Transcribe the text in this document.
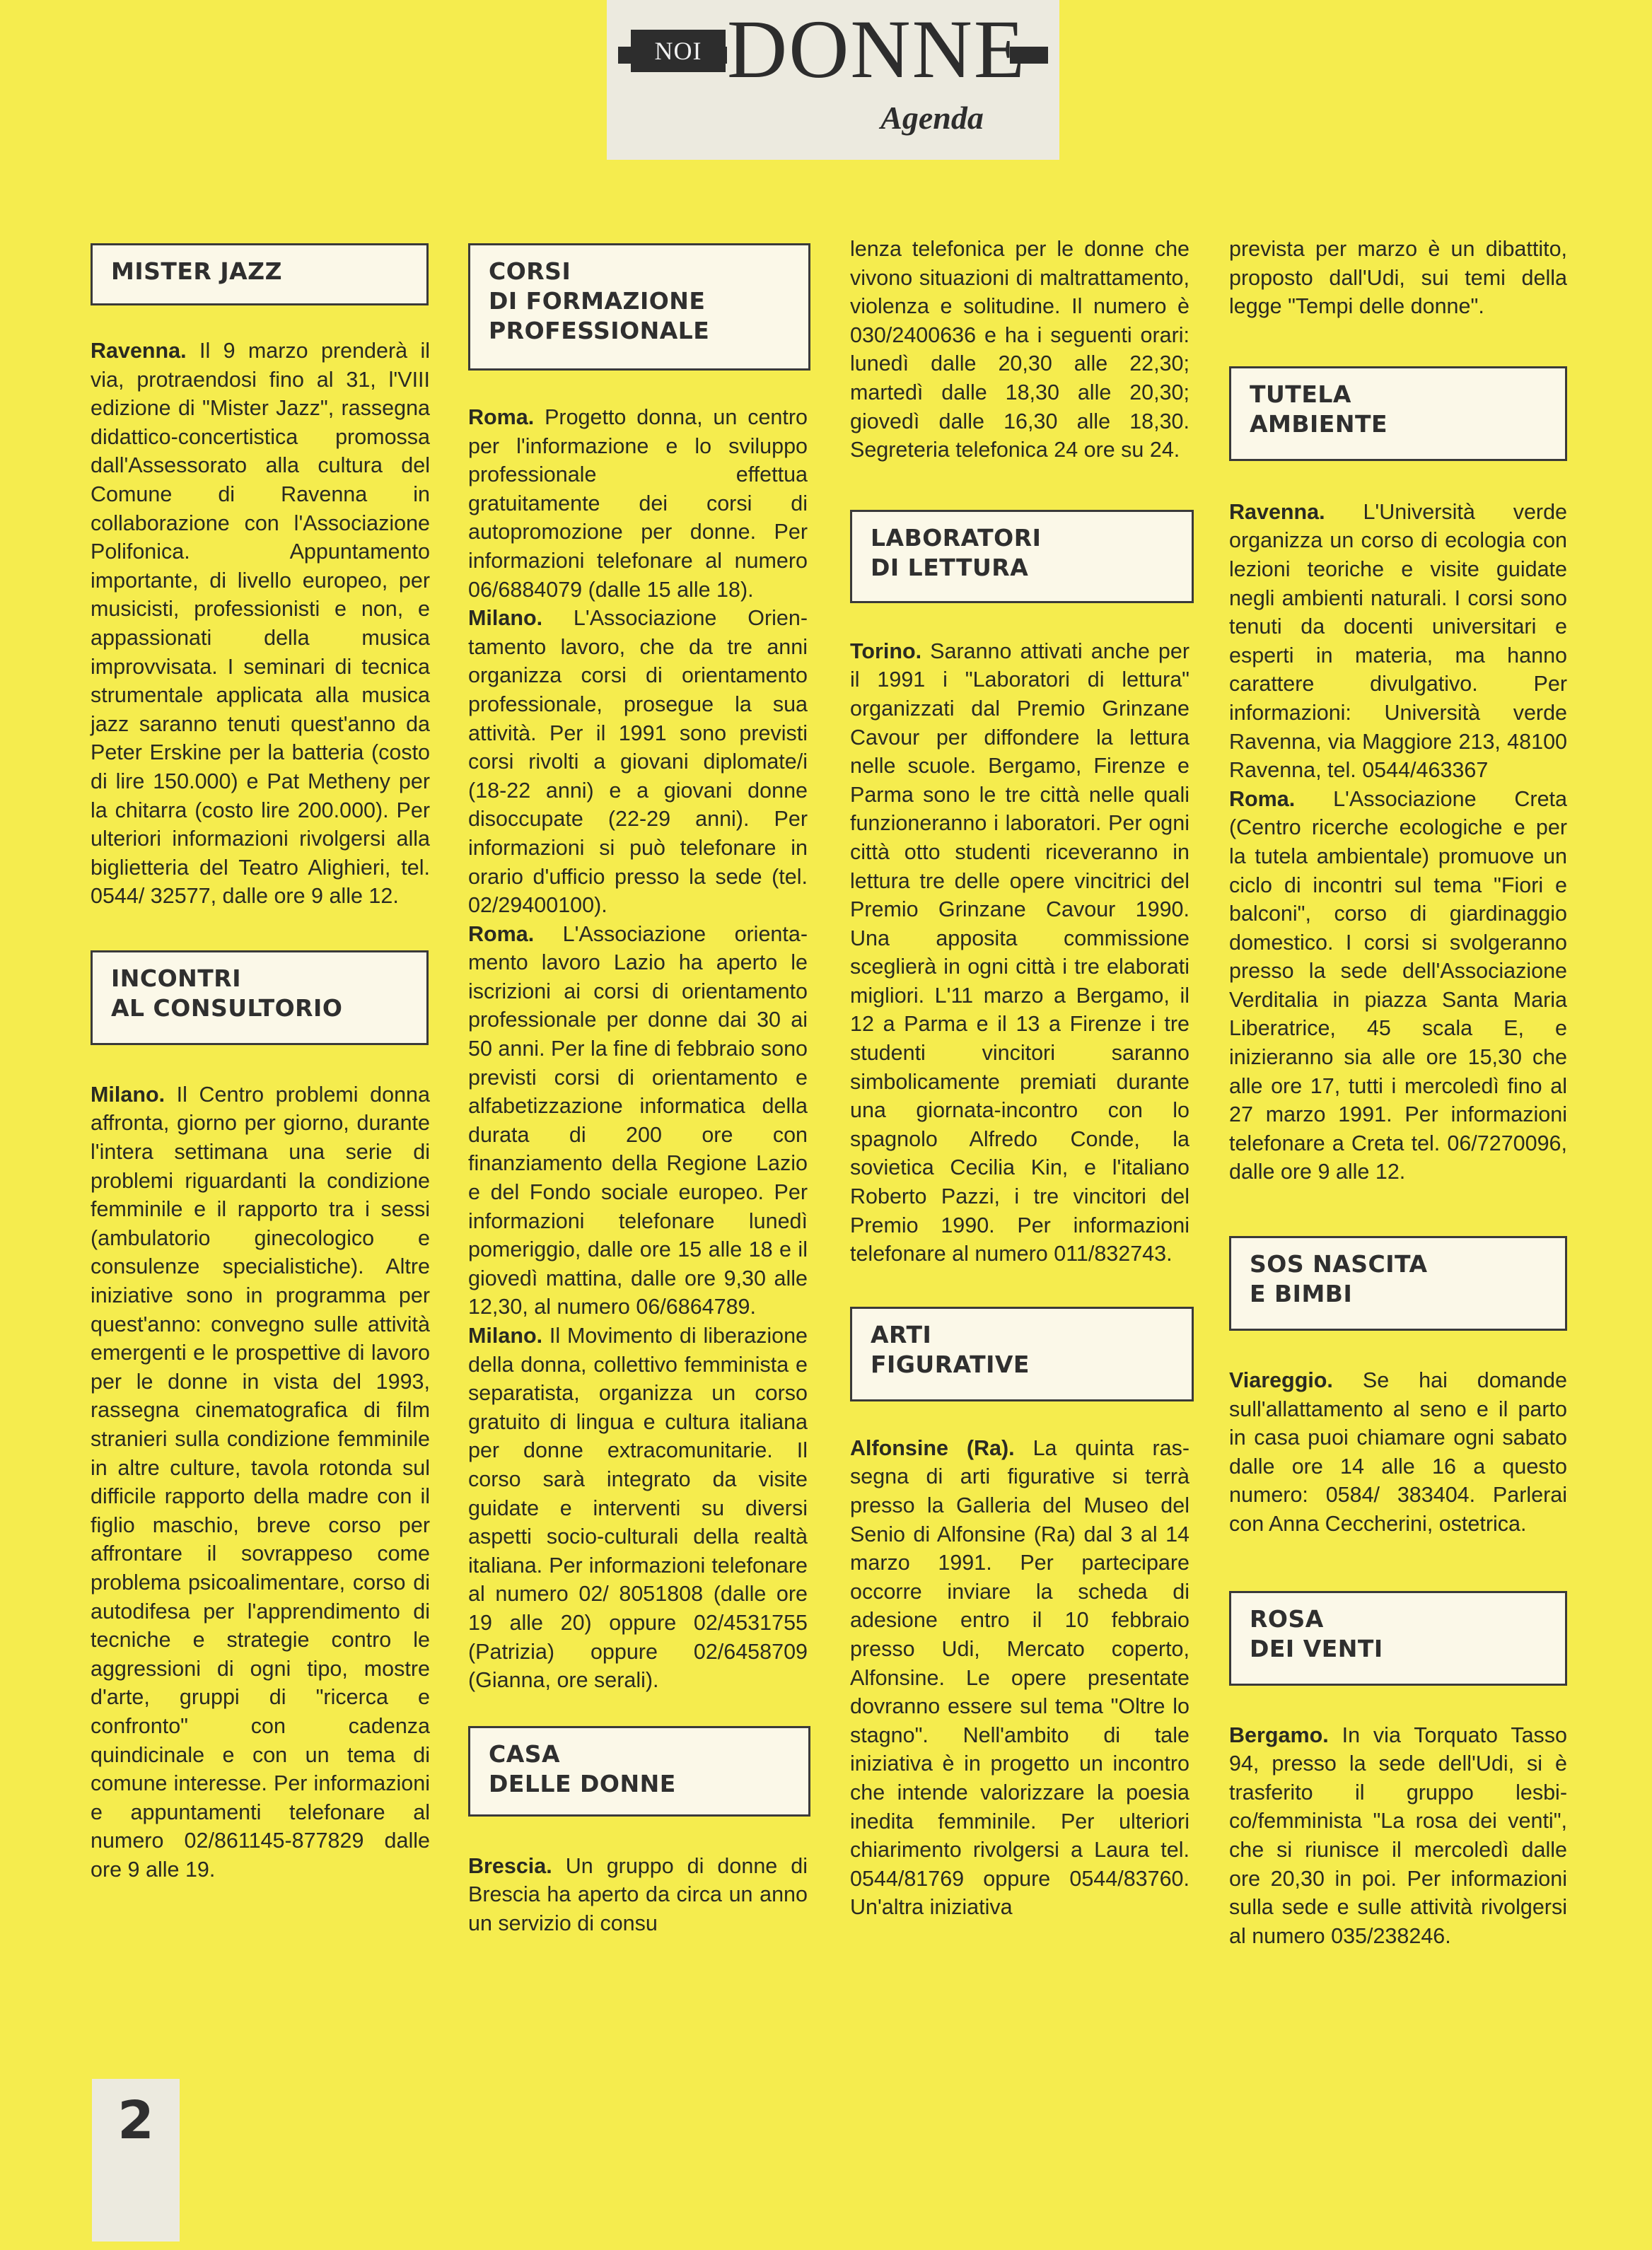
NOI DONNE
Agenda
MISTER JAZZ

Ravenna. Il 9 marzo prenderà il via, protraendosi fino al 31, l'VIII edizione di "Mister Jazz", rassegna didattico-concertistica promossa dall'Assessorato alla cultura del Comune di Ravenna in collaborazione con l'Associazione Polifonica. Appuntamento importante, di livello europeo, per musicisti, professionisti e non, e appassionati della musica improvvisata. I seminari di tecnica strumentale applicata alla musica jazz saranno tenuti quest'anno da Peter Erskine per la batteria (costo di lire 150.000) e Pat Metheny per la chitarra (costo lire 200.000). Per ulteriori informazioni rivolgersi alla biglietteria del Teatro Alighieri, tel. 0544/ 32577, dalle ore 9 alle 12.

INCONTRI
AL CONSULTORIO

Milano. Il Centro problemi donna affronta, giorno per giorno, durante l'intera settimana una serie di problemi riguardanti la condizione femminile e il rapporto tra i sessi (ambulatorio ginecologico e consulenze specialistiche). Altre iniziative sono in programma per quest'anno: convegno sulle attività emergenti e le prospettive di lavoro per le donne in vista del 1993, rassegna cinematografica di film stranieri sulla condizione femminile in altre culture, tavola rotonda sul difficile rapporto della madre con il figlio maschio, breve corso per affrontare il sovrappeso come problema psicoalimentare, corso di autodifesa per l'apprendimento di tecniche e strategie contro le aggressioni di ogni tipo, mostre d'arte, gruppi di "ricerca e confronto" con cadenza quindicinale e con un tema di comune interesse. Per informazioni e appuntamenti telefonare al numero 02/861145-877829 dalle ore 9 alle 19.

CORSI
DI FORMAZIONE
PROFESSIONALE

Roma. Progetto donna, un centro per l'informazione e lo sviluppo professionale effettua gratuitamente dei corsi di autopromozione per donne. Per informazioni telefonare al numero 06/6884079 (dalle 15 alle 18).

Milano. L'Associazione Orientamento lavoro, che da tre anni organizza corsi di orientamento professionale, prosegue la sua attività. Per il 1991 sono previsti corsi rivolti a giovani diplomate/i (18-22 anni) e a giovani donne disoccupate (22-29 anni). Per informazioni si può telefonare in orario d'ufficio presso la sede (tel. 02/29400100).

Roma. L'Associazione orientamento lavoro Lazio ha aperto le iscrizioni ai corsi di orientamento professionale per donne dai 30 ai 50 anni. Per la fine di febbraio sono previsti corsi di orientamento e alfabetizzazione informatica della durata di 200 ore con finanziamento della Regione Lazio e del Fondo sociale europeo. Per informazioni telefonare lunedì pomeriggio, dalle ore 15 alle 18 e il giovedì mattina, dalle ore 9,30 alle 12,30, al numero 06/6864789.

Milano. Il Movimento di liberazione della donna, collettivo femminista e separatista, organizza un corso gratuito di lingua e cultura italiana per donne extracomunitarie. Il corso sarà integrato da visite guidate e interventi su diversi aspetti socio-culturali della realtà italiana. Per informazioni telefonare al numero 02/ 8051808 (dalle ore 19 alle 20) oppure 02/4531755 (Patrizia) oppure 02/6458709 (Gianna, ore serali).

CASA
DELLE DONNE

Brescia. Un gruppo di donne di Brescia ha aperto da circa un anno un servizio di consu

lenza telefonica per le donne che vivono situazioni di maltrattamento, violenza e solitudine. Il numero è 030/2400636 e ha i seguenti orari: lunedì dalle 20,30 alle 22,30; martedì dalle 18,30 alle 20,30; giovedì dalle 16,30 alle 18,30. Segreteria telefonica 24 ore su 24.

LABORATORI
DI LETTURA

Torino. Saranno attivati anche per il 1991 i "Laboratori di lettura" organizzati dal Premio Grinzane Cavour per diffondere la lettura nelle scuole. Bergamo, Firenze e Parma sono le tre città nelle quali funzioneranno i laboratori. Per ogni città otto studenti riceveranno in lettura tre delle opere vincitrici del Premio Grinzane Cavour 1990. Una apposita commissione sceglierà in ogni città i tre elaborati migliori. L'11 marzo a Bergamo, il 12 a Parma e il 13 a Firenze i tre studenti vincitori saranno simbolicamente premiati durante una giornata-incontro con lo spagnolo Alfredo Conde, la sovietica Cecilia Kin, e l'italiano Roberto Pazzi, i tre vincitori del Premio 1990. Per informazioni telefonare al numero 011/832743.

ARTI
FIGURATIVE

Alfonsine (Ra). La quinta rassegna di arti figurative si terrà presso la Galleria del Museo del Senio di Alfonsine (Ra) dal 3 al 14 marzo 1991. Per partecipare occorre inviare la scheda di adesione entro il 10 febbraio presso Udi, Mercato coperto, Alfonsine. Le opere presentate dovranno essere sul tema "Oltre lo stagno". Nell'ambito di tale iniziativa è in progetto un incontro che intende valorizzare la poesia inedita femminile. Per ulteriori chiarimento rivolgersi a Laura tel. 0544/81769 oppure 0544/83760. Un'altra iniziativa

prevista per marzo è un dibattito, proposto dall'Udi, sui temi della legge "Tempi delle donne".

TUTELA
AMBIENTE

Ravenna. L'Università verde organizza un corso di ecologia con lezioni teoriche e visite guidate negli ambienti naturali. I corsi sono tenuti da docenti universitari e esperti in materia, ma hanno carattere divulgativo. Per informazioni: Università verde Ravenna, via Maggiore 213, 48100 Ravenna, tel. 0544/463367

Roma. L'Associazione Creta (Centro ricerche ecologiche e per la tutela ambientale) promuove un ciclo di incontri sul tema "Fiori e balconi", corso di giardinaggio domestico. I corsi si svolgeranno presso la sede dell'Associazione Verditalia in piazza Santa Maria Liberatrice, 45 scala E, e inizieranno sia alle ore 15,30 che alle ore 17, tutti i mercoledì fino al 27 marzo 1991. Per informazioni telefonare a Creta tel. 06/7270096, dalle ore 9 alle 12.

SOS NASCITA
E BIMBI

Viareggio. Se hai domande sull'allattamento al seno e il parto in casa puoi chiamare ogni sabato dalle ore 14 alle 16 a questo numero: 0584/ 383404. Parlerai con Anna Ceccherini, ostetrica.

ROSA
DEI VENTI

Bergamo. In via Torquato Tasso 94, presso la sede dell'Udi, si è trasferito il gruppo lesbico/femminista "La rosa dei venti", che si riunisce il mercoledì dalle ore 20,30 in poi. Per informazioni sulla sede e sulle attività rivolgersi al numero 035/238246.

2
